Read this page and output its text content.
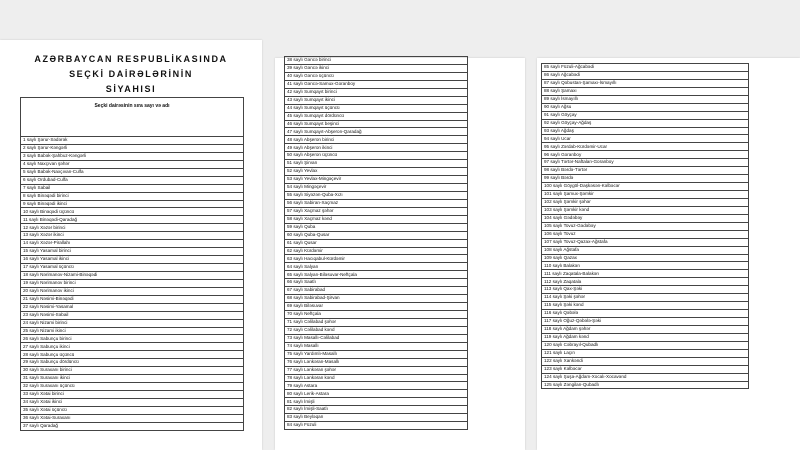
AZƏRBAYCAN RESPUBLİKASINDA
SEÇKİ DAİRƏLƏRİNİN
SİYAHISI
Seçki dairəsinin sıra sayı və adı
1 saylı Şərur-Sədərək
2 saylı Şərur-Kəngərli
3 saylı Babək-Şahbuz-Kəngərli
4 saylı Naxçıvan şəhər
5 saylı Babək-Naxçıvan-Culfa
6 saylı Ordubad-Culfa
7 saylı Sabail
8 saylı Binəqədi birinci
9 saylı Binəqədi ikinci
10 saylı Binəqədi üçüncü
11 saylı Binəqədi-Qaradağ
12 saylı Xəzər birinci
13 saylı Xəzər ikinci
14 saylı Xəzər-Pirallahı
15 saylı Yasamal birinci
16 saylı Yasamal ikinci
17 saylı Yasamal üçüncü
18 saylı Nərimanov-Nizami-Binəqədi
19 saylı Nərimanov birinci
20 saylı Nərimanov ikinci
21 saylı Nəsimi-Binəqədi
22 saylı Nəsimi-Yasamal
23 saylı Nəsimi-Səbail
24 saylı Nizami birinci
25 saylı Nizami ikinci
26 saylı Sabunçu birinci
27 saylı Sabunçu ikinci
28 saylı Sabunçu üçüncü
29 saylı Sabunçu dördüncü
30 saylı Suraxanı birinci
31 saylı Suraxanı ikinci
32 saylı Suraxanı üçüncü
33 saylı Xətai birinci
34 saylı Xətai ikinci
35 saylı Xətai üçüncü
36 saylı Xətai-Suraxanı
37 saylı Qaradağ
38 saylı Gəncə birinci
39 saylı Gəncə ikinci
40 saylı Gəncə üçüncü
41 saylı Gəncə-Samux-Goranboy
42 saylı Sumqayıt birinci
43 saylı Sumqayıt ikinci
44 saylı Sumqayıt üçüncü
45 saylı Sumqayıt dördüncü
46 saylı Sumqayıt beşinci
47 saylı Sumqayıt-Abşeron-Qaradağ
48 saylı Abşeron birinci
49 saylı Abşeron ikinci
50 saylı Abşeron üçüncü
51 saylı Şirvan
52 saylı Yevlax
53 saylı Yevlax-Mingəçevir
54 saylı Mingəçevir
55 saylı Siyəzən-Quba-Xızı
56 saylı Sabiran-Xaçmaz
57 saylı Xaçmaz şəhər
58 saylı Xaçmaz kənd
59 saylı Quba
60 saylı Quba-Qusar
61 saylı Qusar
62 saylı Kürdəmir
63 saylı Hacıqabul-Kürdəmir
64 saylı Salyan
65 saylı Salyan-Biləsuvar-Neftçala
66 saylı Saatlı
67 saylı Sabirabad
68 saylı Sabirabad-Şirvan
69 saylı Biləsuvar
70 saylı Neftçala
71 saylı Cəlilabad şəhər
72 saylı Cəlilabad kənd
73 saylı Masallı-Cəlilabad
74 saylı Masallı
75 saylı Yardımlı-Masallı
76 saylı Lənkəran-Masallı
77 saylı Lənkəran şəhər
78 saylı Lənkəran kənd
79 saylı Astara
80 saylı Lerik-Astara
81 saylı İmişli
82 saylı İmişli-Saatlı
83 saylı Beyləqan
84 saylı Füzuli
85 saylı Füzuli-Ağcabədi
86 saylı Ağcabədi
87 saylı Qobustan-Şamaxı-İsmayıllı
88 saylı Şamaxı
89 saylı İsmayıllı
90 saylı Ağsu
91 saylı Göyçay
92 saylı Göyçay-Ağdaş
93 saylı Ağdaş
94 saylı Ucar
95 saylı Zərdab-Kürdəmir-Ucar
96 saylı Goranboy
97 saylı Tərtər-Naftalan-Goranboy
98 saylı Bərdə-Tərtər
99 saylı Bərdə
100 saylı Göygöl-Daşkəsən-Kəlbəcər
101 saylı Şamux-Şəmkir
102 saylı Şəmkir şəhər
103 saylı Şəmkir kənd
104 saylı Gədəbəy
105 saylı Tovuz-Gədəbəy
106 saylı Tovuz
107 saylı Tovuz-Qazax-Ağstafa
108 saylı Ağstafa
109 saylı Qazax
110 saylı Balakən
111 saylı Zaqatala-Balakən
112 saylı Zaqatala
113 saylı Qax-Şəki
114 saylı Şəki şəhər
115 saylı Şəki kənd
116 saylı Qəbələ
117 saylı Oğuz-Qəbələ-Şəki
118 saylı Ağdam şəhər
119 saylı Ağdam kənd
120 saylı Cəbrayıl-Qubadlı
121 saylı Laçın
122 saylı Xankəndi
123 saylı Kəlbəcər
124 saylı Şuşa-Ağdam-Xocalı-Xocavənd
125 saylı Zəngilan-Qubadlı
